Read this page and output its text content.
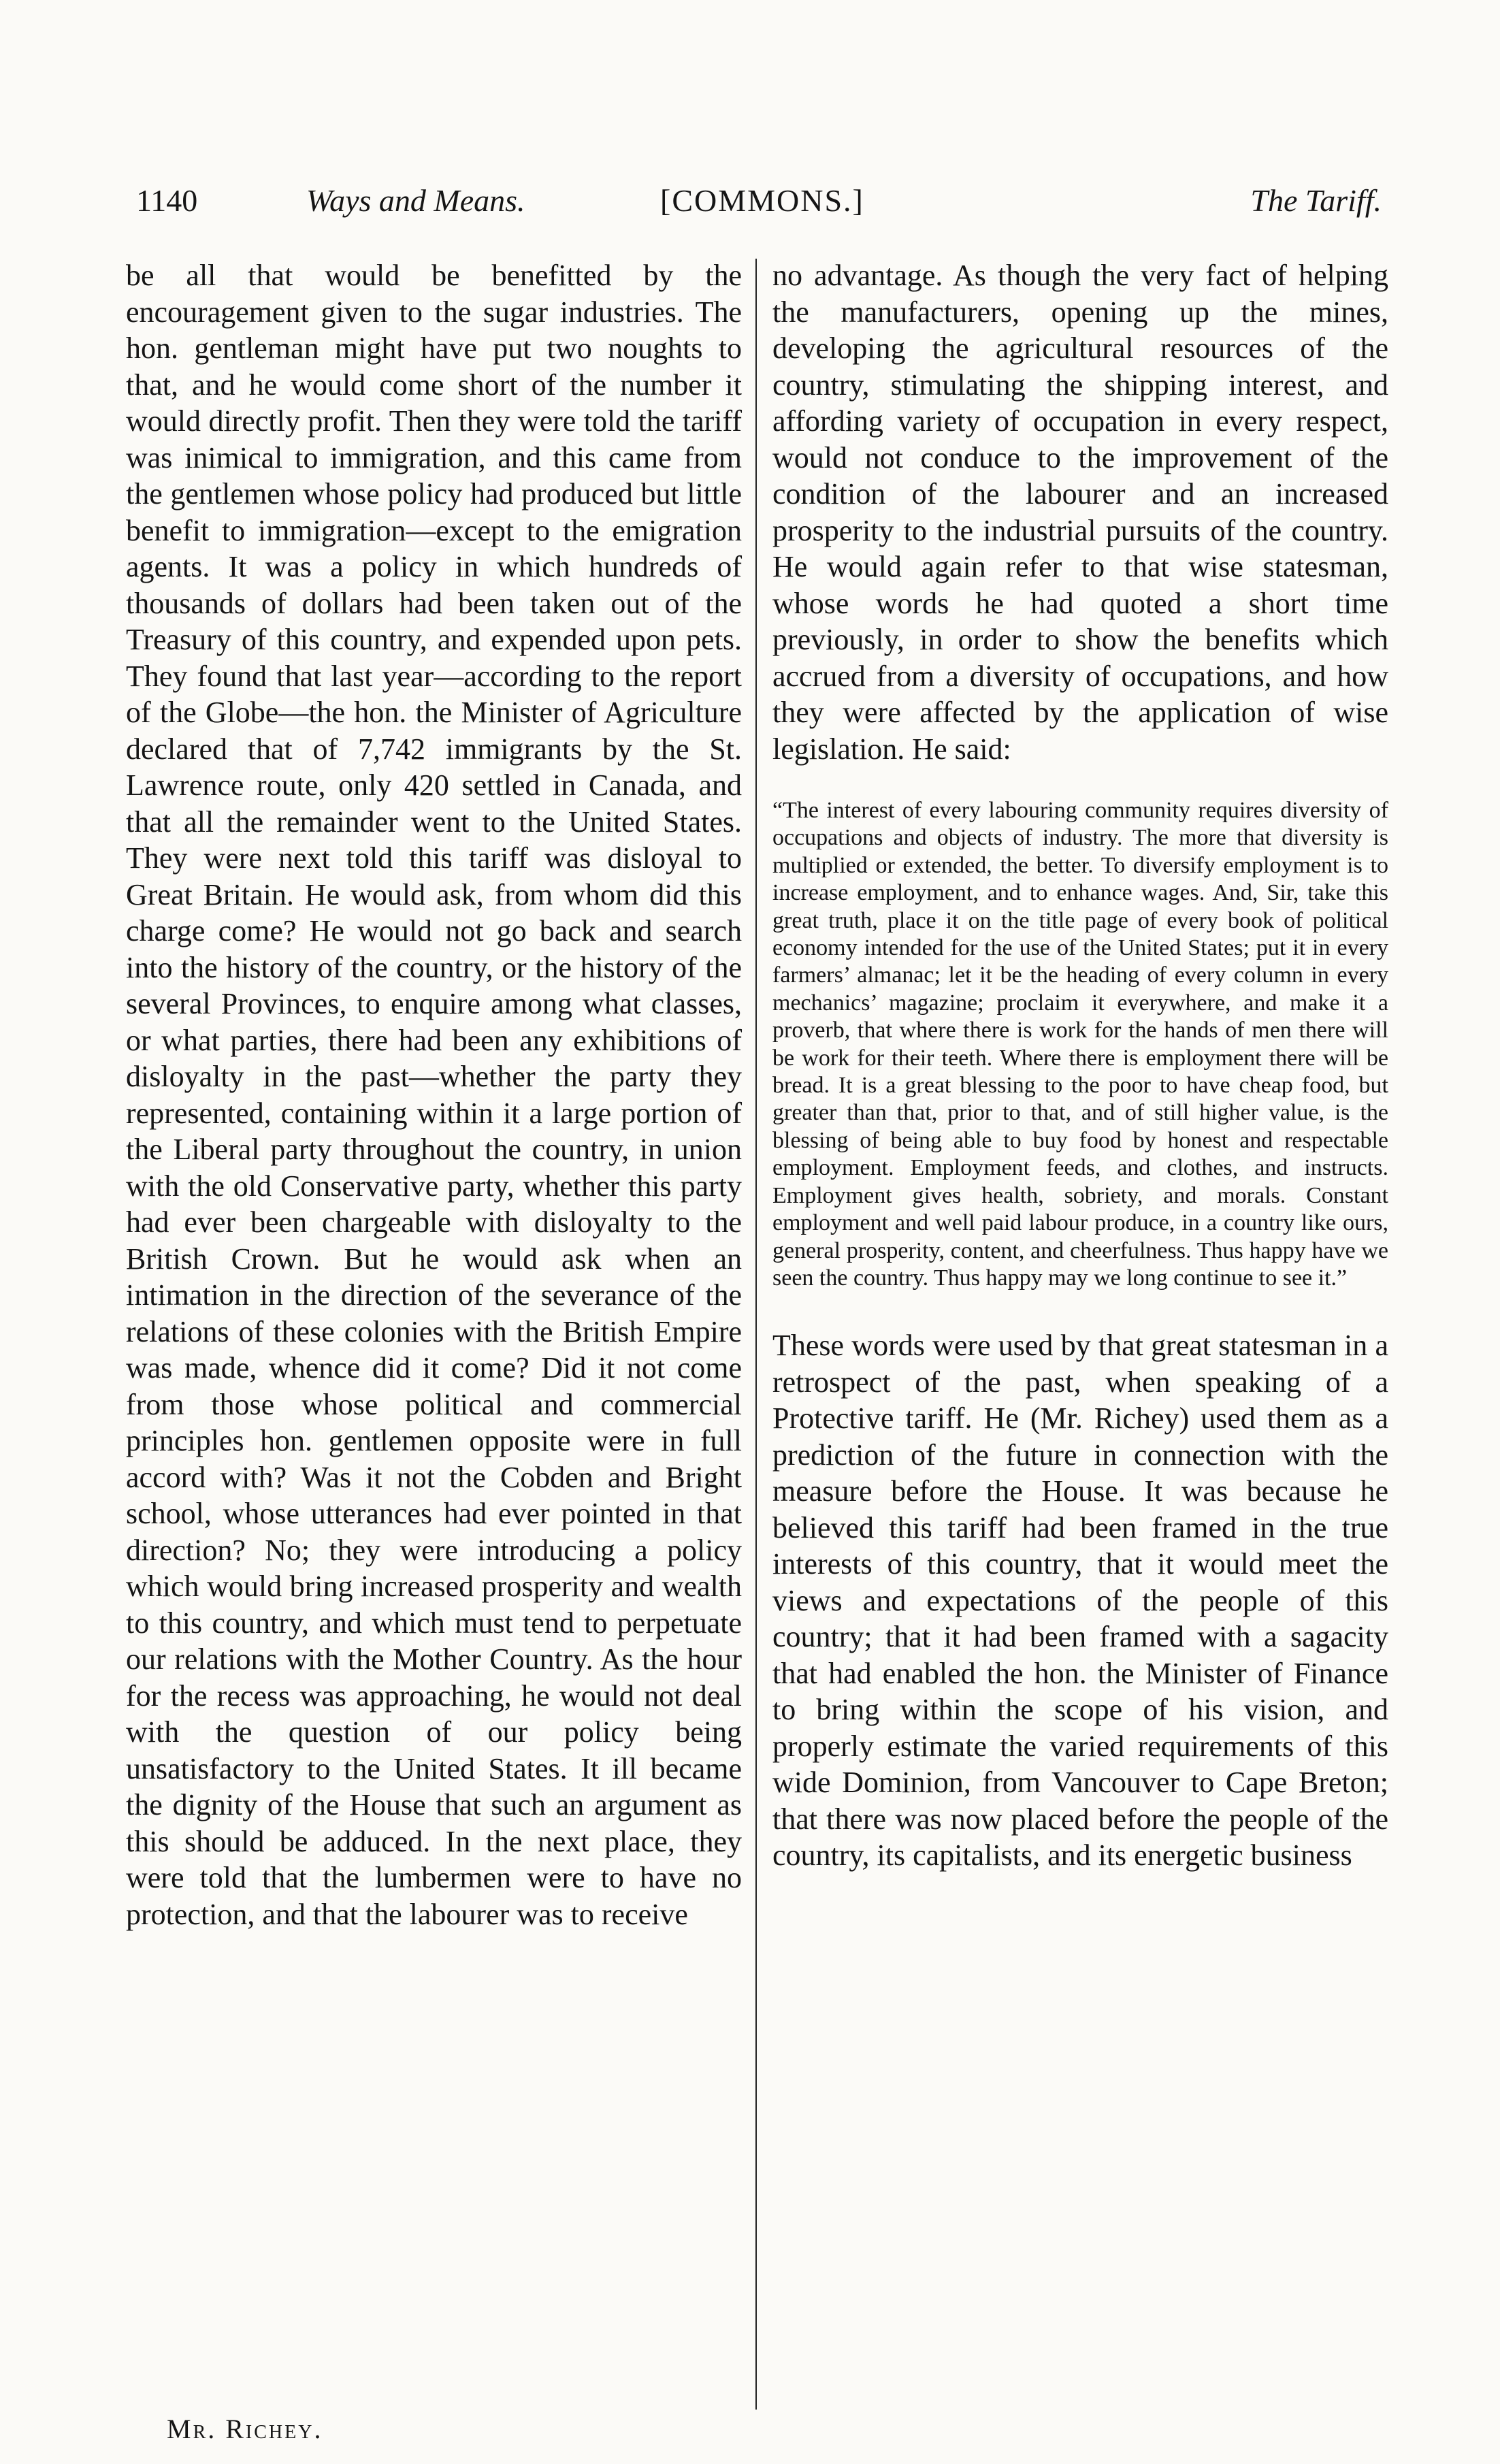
1140	Ways and Means.	[COMMONS.]	The Tariff.

be all that would be benefitted by the encouragement given to the sugar industries. The hon. gentleman might have put two noughts to that, and he would come short of the number it would directly profit. Then they were told the tariff was inimical to immigration, and this came from the gentlemen whose policy had produced but little benefit to immigration—except to the emigration agents. It was a policy in which hundreds of thousands of dollars had been taken out of the Treasury of this country, and expended upon pets. They found that last year—according to the report of the Globe—the hon. the Minister of Agriculture declared that of 7,742 immigrants by the St. Lawrence route, only 420 settled in Canada, and that all the remainder went to the United States. They were next told this tariff was disloyal to Great Britain. He would ask, from whom did this charge come? He would not go back and search into the history of the country, or the history of the several Provinces, to enquire among what classes, or what parties, there had been any exhibitions of disloyalty in the past—whether the party they represented, containing within it a large portion of the Liberal party throughout the country, in union with the old Conservative party, whether this party had ever been chargeable with disloyalty to the British Crown. But he would ask when an intimation in the direction of the severance of the relations of these colonies with the British Empire was made, whence did it come? Did it not come from those whose political and commercial principles hon. gentlemen opposite were in full accord with? Was it not the Cobden and Bright school, whose utterances had ever pointed in that direction? No; they were introducing a policy which would bring increased prosperity and wealth to this country, and which must tend to perpetuate our relations with the Mother Country. As the hour for the recess was approaching, he would not deal with the question of our policy being unsatisfactory to the United States. It ill became the dignity of the House that such an argument as this should be adduced. In the next place, they were told that the lumbermen were to have no protection, and that the labourer was to receive

no advantage. As though the very fact of helping the manufacturers, opening up the mines, developing the agricultural resources of the country, stimulating the shipping interest, and affording variety of occupation in every respect, would not conduce to the improvement of the condition of the labourer and an increased prosperity to the industrial pursuits of the country. He would again refer to that wise statesman, whose words he had quoted a short time previously, in order to show the benefits which accrued from a diversity of occupations, and how they were affected by the application of wise legislation. He said:

“The interest of every labouring community requires diversity of occupations and objects of industry. The more that diversity is multiplied or extended, the better. To diversify employment is to increase employment, and to enhance wages. And, Sir, take this great truth, place it on the title page of every book of political economy intended for the use of the United States; put it in every farmers’ almanac; let it be the heading of every column in every mechanics’ magazine; proclaim it everywhere, and make it a proverb, that where there is work for the hands of men there will be work for their teeth. Where there is employment there will be bread. It is a great blessing to the poor to have cheap food, but greater than that, prior to that, and of still higher value, is the blessing of being able to buy food by honest and respectable employment. Employment feeds, and clothes, and instructs. Employment gives health, sobriety, and morals. Constant employment and well paid labour produce, in a country like ours, general prosperity, content, and cheerfulness. Thus happy have we seen the country. Thus happy may we long continue to see it.”

These words were used by that great statesman in a retrospect of the past, when speaking of a Protective tariff. He (Mr. Richey) used them as a prediction of the future in connection with the measure before the House. It was because he believed this tariff had been framed in the true interests of this country, that it would meet the views and expectations of the people of this country; that it had been framed with a sagacity that had enabled the hon. the Minister of Finance to bring within the scope of his vision, and properly estimate the varied requirements of this wide Dominion, from Vancouver to Cape Breton; that there was now placed before the people of the country, its capitalists, and its energetic business

Mr. Richey.
